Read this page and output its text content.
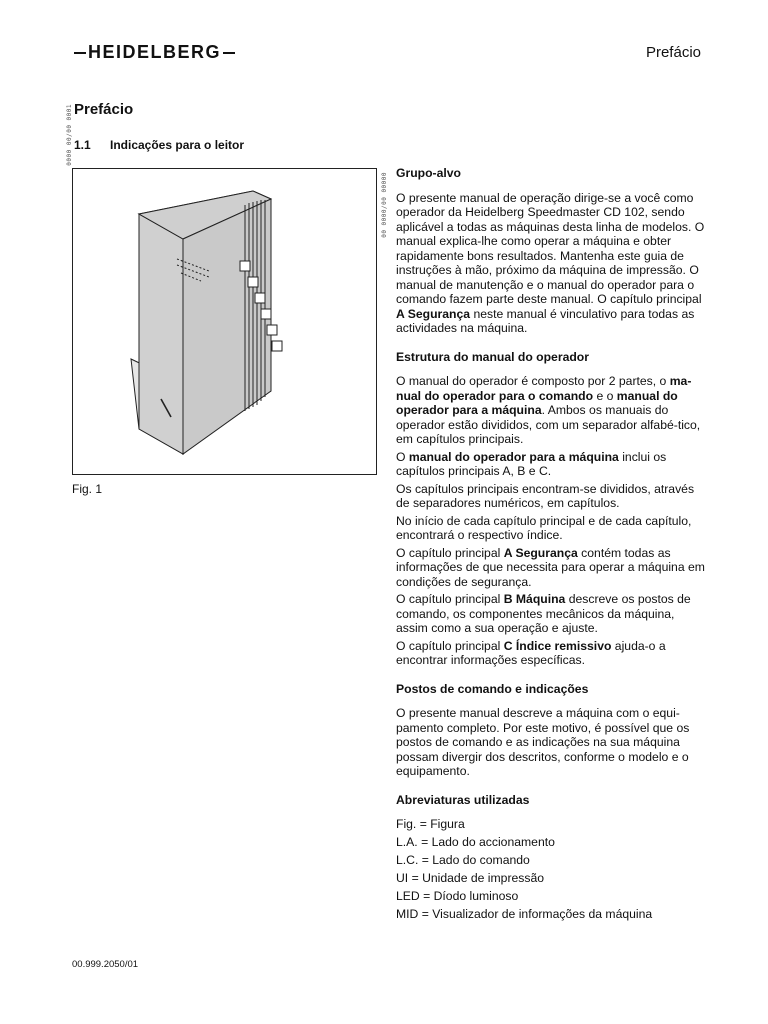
HEIDELBERG	Prefácio
0000 00/00 0001 Prefácio
1.1 Indicações para o leitor
Fig. 1
00 0000/00 00000 Grupo-alvo

O presente manual de operação dirige-se a você como operador da Heidelberg Speedmaster CD 102, sendo aplicável a todas as máquinas desta linha de modelos. O manual explica-lhe como operar a máquina e obter rapidamente bons resultados. Mantenha este guia de instruções à mão, próximo da máquina de impressão. O manual de manutenção e o manual do operador para o comando fazem parte deste manual. O capítulo principal A Segurança neste manual é vinculativo para todas as actividades na máquina.

Estrutura do manual do operador

O manual do operador é composto por 2 partes, o ma-nual do operador para o comando e o manual do operador para a máquina. Ambos os manuais do operador estão divididos, com um separador alfabé-tico, em capítulos principais.

O manual do operador para a máquina inclui os capítulos principais A, B e C.

Os capítulos principais encontram-se divididos, através de separadores numéricos, em capítulos.

No início de cada capítulo principal e de cada capítulo, encontrará o respectivo índice.

O capítulo principal A Segurança contém todas as informações de que necessita para operar a máquina em condições de segurança.

O capítulo principal B Máquina descreve os postos de comando, os componentes mecânicos da máquina, assim como a sua operação e ajuste.

O capítulo principal C Índice remissivo ajuda-o a encontrar informações específicas.

Postos de comando e indicações

O presente manual descreve a máquina com o equi-pamento completo. Por este motivo, é possível que os postos de comando e as indicações na sua máquina possam divergir dos descritos, conforme o modelo e o equipamento.

Abreviaturas utilizadas

Fig. = Figura

L.A. = Lado do accionamento

L.C. = Lado do comando

UI = Unidade de impressão

LED = Díodo luminoso

MID = Visualizador de informações da máquina

00.999.2050/01
